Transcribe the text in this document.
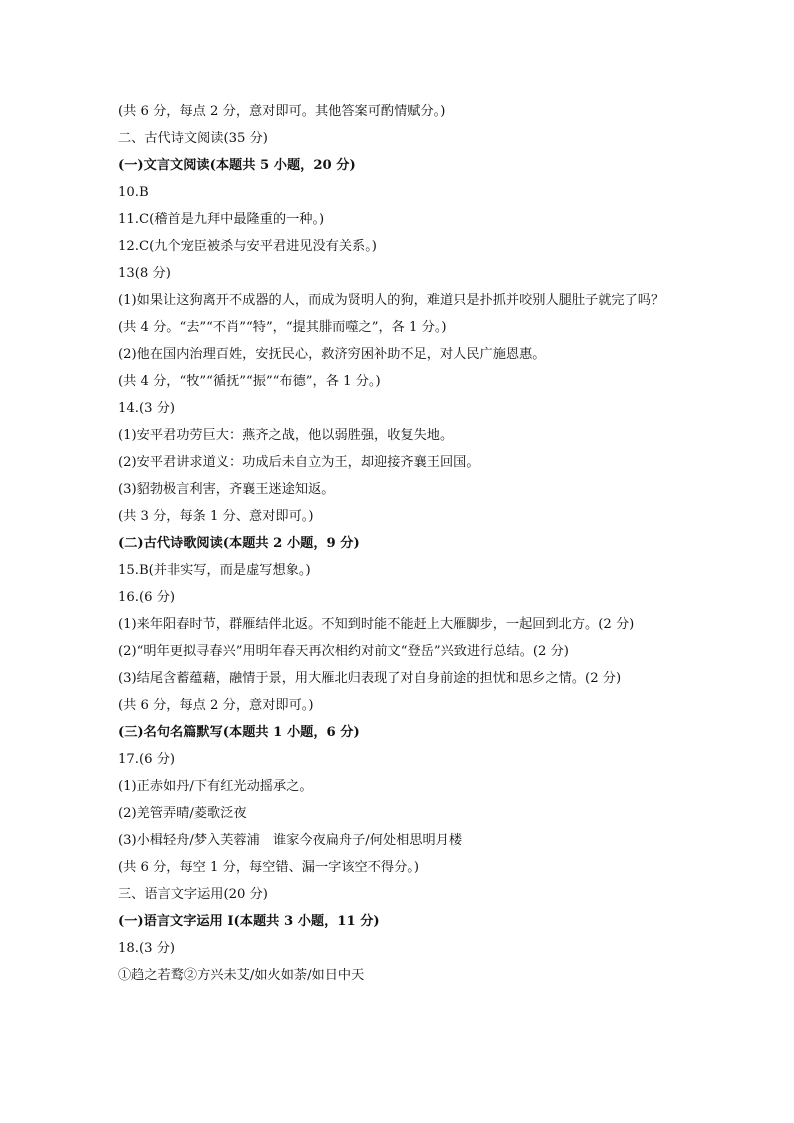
(共 6 分，每点 2 分，意对即可。其他答案可酌情赋分。)
二、古代诗文阅读(35 分)
(一)文言文阅读(本题共 5 小题，20 分)
10.B
11.C(稽首是九拜中最隆重的一种。)
12.C(九个宠臣被杀与安平君进见没有关系。)
13(8 分)
(1)如果让这狗离开不成器的人，而成为贤明人的狗，难道只是扑抓并咬别人腿肚子就完了吗？
(共 4 分。“去”“不肖”“特”，“提其腓而噬之”，各 1 分。)
(2)他在国内治理百姓，安抚民心，救济穷困补助不足，对人民广施恩惠。
(共 4 分，“牧”“循抚”“振”“布德”，各 1 分。)
14.(3 分)
(1)安平君功劳巨大：燕齐之战，他以弱胜强，收复失地。
(2)安平君讲求道义：功成后未自立为王，却迎接齐襄王回国。
(3)貂勃极言利害，齐襄王迷途知返。
(共 3 分，每条 1 分、意对即可。)
(二)古代诗歌阅读(本题共 2 小题，9 分)
15.B(并非实写，而是虚写想象。)
16.(6 分)
(1)来年阳春时节，群雁结伴北返。不知到时能不能赶上大雁脚步，一起回到北方。(2 分)
(2)“明年更拟寻春兴”用明年春天再次相约对前文“登岳”兴致进行总结。(2 分)
(3)结尾含蓄蕴藉，融情于景，用大雁北归表现了对自身前途的担忧和思乡之情。(2 分)
(共 6 分，每点 2 分，意对即可。)
(三)名句名篇默写(本题共 1 小题，6 分)
17.(6 分)
(1)正赤如丹/下有红光动摇承之。
(2)羌管弄晴/菱歌泛夜
(3)小楫轻舟/梦入芙蓉浦　谁家今夜扁舟子/何处相思明月楼
(共 6 分，每空 1 分，每空错、漏一字该空不得分。)
三、语言文字运用(20 分)
(一)语言文字运用 I(本题共 3 小题，11 分)
18.(3 分)
①趋之若鹜②方兴未艾/如火如荼/如日中天
